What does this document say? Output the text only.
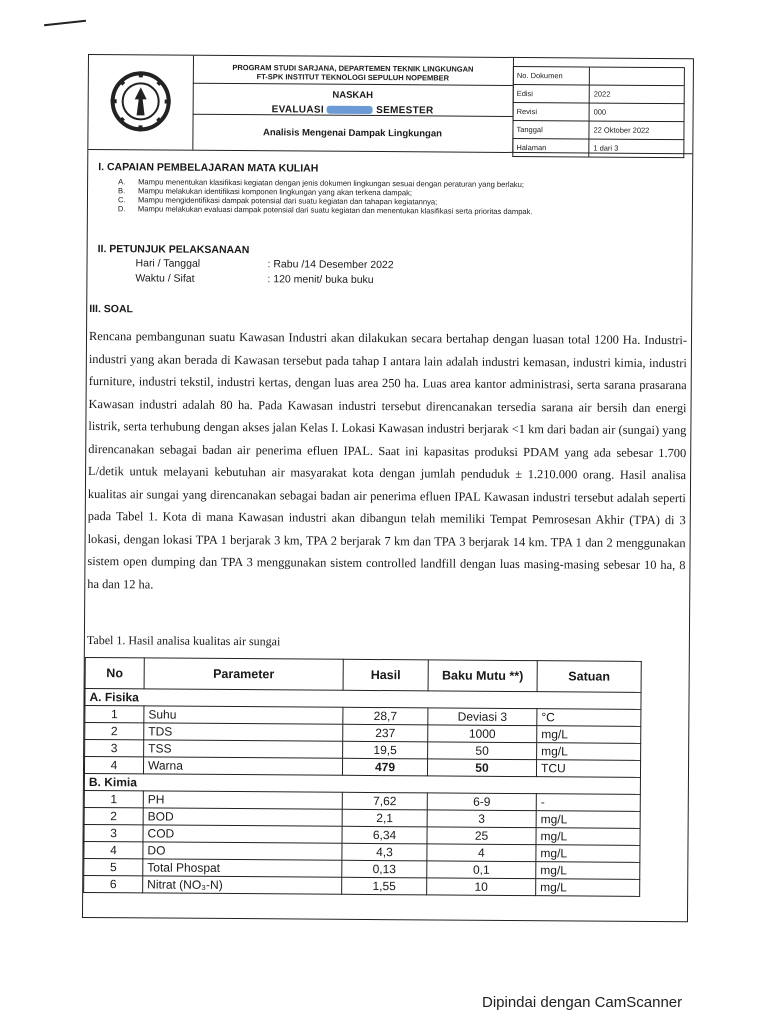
PROGRAM STUDI SARJANA, DEPARTEMEN TEKNIK LINGKUNGAN
FT-SPK INSTITUT TEKNOLOGI SEPULUH NOPEMBER
NASKAH
EVALUASI	SEMESTER
Analisis Mengenai Dampak Lingkungan
No. Dokumen
Edisi	2022
Revisi	000
Tanggal	22 Oktober 2022
Halaman	1 dari 3
I. CAPAIAN PEMBELAJARAN MATA KULIAH
A.	Mampu menentukan klasifikasi kegiatan dengan jenis dokumen lingkungan sesuai dengan peraturan yang berlaku;
B.	Mampu melakukan identifikasi komponen lingkungan yang akan terkena dampak;
C.	Mampu mengidentifikasi dampak potensial dari suatu kegiatan dan tahapan kegiatannya;
D.	Mampu melakukan evaluasi dampak potensial dari suatu kegiatan dan menentukan klasifikasi serta prioritas dampak.
II. PETUNJUK PELAKSANAAN
Hari / Tanggal	: Rabu /14 Desember 2022
Waktu / Sifat	: 120 menit/ buka buku
III. SOAL
Rencana pembangunan suatu Kawasan Industri akan dilakukan secara bertahap dengan luasan total 1200 Ha. Industri-industri yang akan berada di Kawasan tersebut pada tahap I antara lain adalah industri kemasan, industri kimia, industri furniture, industri tekstil, industri kertas, dengan luas area 250 ha. Luas area kantor administrasi, serta sarana prasarana Kawasan industri adalah 80 ha. Pada Kawasan industri tersebut direncanakan tersedia sarana air bersih dan energi listrik, serta terhubung dengan akses jalan Kelas I. Lokasi Kawasan industri berjarak <1 km dari badan air (sungai) yang direncanakan sebagai badan air penerima efluen IPAL. Saat ini kapasitas produksi PDAM yang ada sebesar 1.700 L/detik untuk melayani kebutuhan air masyarakat kota dengan jumlah penduduk ± 1.210.000 orang. Hasil analisa kualitas air sungai yang direncanakan sebagai badan air penerima efluen IPAL Kawasan industri tersebut adalah seperti pada Tabel 1. Kota di mana Kawasan industri akan dibangun telah memiliki Tempat Pemrosesan Akhir (TPA) di 3 lokasi, dengan lokasi TPA 1 berjarak 3 km, TPA 2 berjarak 7 km dan TPA 3 berjarak 14 km. TPA 1 dan 2 menggunakan sistem open dumping dan TPA 3 menggunakan sistem controlled landfill dengan luas masing-masing sebesar 10 ha, 8 ha dan 12 ha.
Tabel 1. Hasil analisa kualitas air sungai
No	Parameter	Hasil	Baku Mutu **)	Satuan
A. Fisika				
1	Suhu	28,7	Deviasi 3	°C
2	TDS	237	1000	mg/L
3	TSS	19,5	50	mg/L
4	Warna	479	50	TCU
B. Kimia				
1	PH	7,62	6-9	-
2	BOD	2,1	3	mg/L
3	COD	6,34	25	mg/L
4	DO	4,3	4	mg/L
5	Total Phospat	0,13	0,1	mg/L
6	Nitrat (NO₃-N)	1,55	10	mg/L
Dipindai dengan CamScanner
